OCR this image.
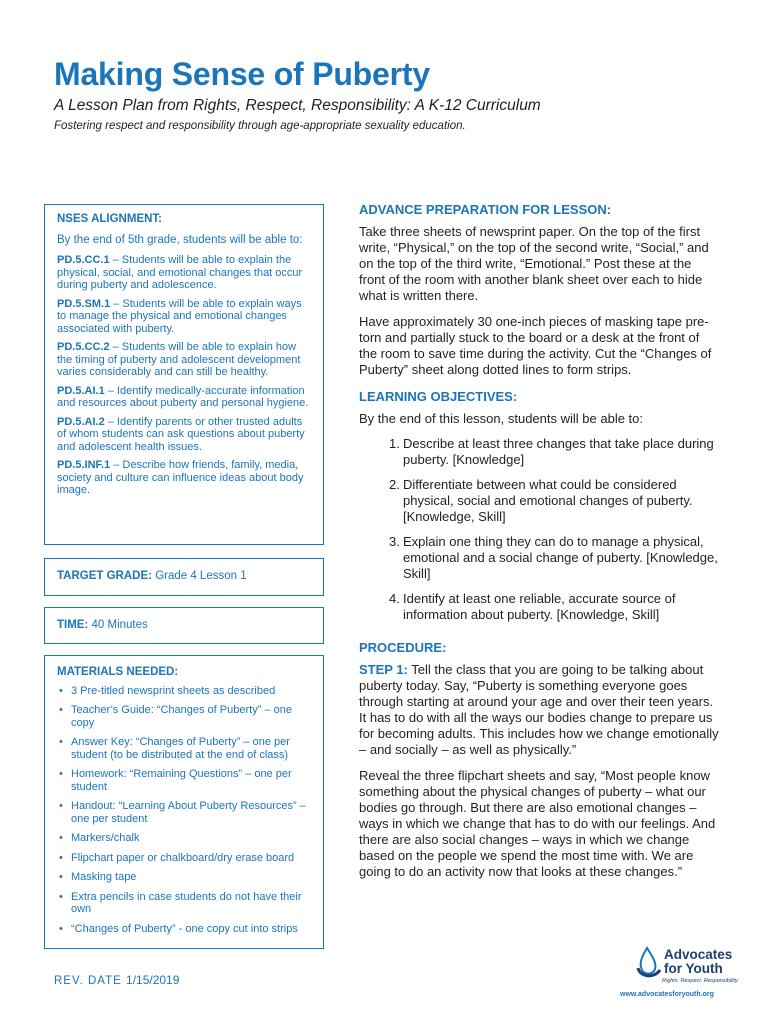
Making Sense of Puberty
A Lesson Plan from Rights, Respect, Responsibility: A K-12 Curriculum
Fostering respect and responsibility through age-appropriate sexuality education.
NSES ALIGNMENT:
By the end of 5th grade, students will be able to:
PD.5.CC.1 – Students will be able to explain the physical, social, and emotional changes that occur during puberty and adolescence.
PD.5.SM.1 – Students will be able to explain ways to manage the physical and emotional changes associated with puberty.
PD.5.CC.2 – Students will be able to explain how the timing of puberty and adolescent development varies considerably and can still be healthy.
PD.5.AI.1 – Identify medically-accurate information and resources about puberty and personal hygiene.
PD.5.AI.2 – Identify parents or other trusted adults of whom students can ask questions about puberty and adolescent health issues.
PD.5.INF.1 – Describe how friends, family, media, society and culture can influence ideas about body image.
TARGET GRADE: Grade 4 Lesson 1
TIME: 40 Minutes
MATERIALS NEEDED:
• 3 Pre-titled newsprint sheets as described
• Teacher’s Guide: “Changes of Puberty” – one copy
• Answer Key: “Changes of Puberty” – one per student (to be distributed at the end of class)
• Homework: “Remaining Questions” – one per student
• Handout: “Learning About Puberty Resources” – one per student
• Markers/chalk
• Flipchart paper or chalkboard/dry erase board
• Masking tape
• Extra pencils in case students do not have their own
• “Changes of Puberty” - one copy cut into strips
ADVANCE PREPARATION FOR LESSON:

Take three sheets of newsprint paper. On the top of the first write, “Physical,” on the top of the second write, “Social,” and on the top of the third write, “Emotional.” Post these at the front of the room with another blank sheet over each to hide what is written there.

Have approximately 30 one-inch pieces of masking tape pre-torn and partially stuck to the board or a desk at the front of the room to save time during the activity. Cut the “Changes of Puberty” sheet along dotted lines to form strips.

LEARNING OBJECTIVES:

By the end of this lesson, students will be able to:

1. Describe at least three changes that take place during puberty. [Knowledge]
2. Differentiate between what could be considered physical, social and emotional changes of puberty. [Knowledge, Skill]
3. Explain one thing they can do to manage a physical, emotional and a social change of puberty. [Knowledge, Skill]
4. Identify at least one reliable, accurate source of information about puberty. [Knowledge, Skill]
PROCEDURE:

STEP 1: Tell the class that you are going to be talking about puberty today. Say, “Puberty is something everyone goes through starting at around your age and over their teen years. It has to do with all the ways our bodies change to prepare us for becoming adults. This includes how we change emotionally – and socially – as well as physically.”

Reveal the three flipchart sheets and say, “Most people know something about the physical changes of puberty – what our bodies go through. But there are also emotional changes – ways in which we change that has to do with our feelings. And there are also social changes – ways in which we change based on the people we spend the most time with. We are going to do an activity now that looks at these changes.”

REV. DATE 1/15/2019
Advocates
for Youth
Rights. Respect. Responsibility.
www.advocatesforyouth.org
